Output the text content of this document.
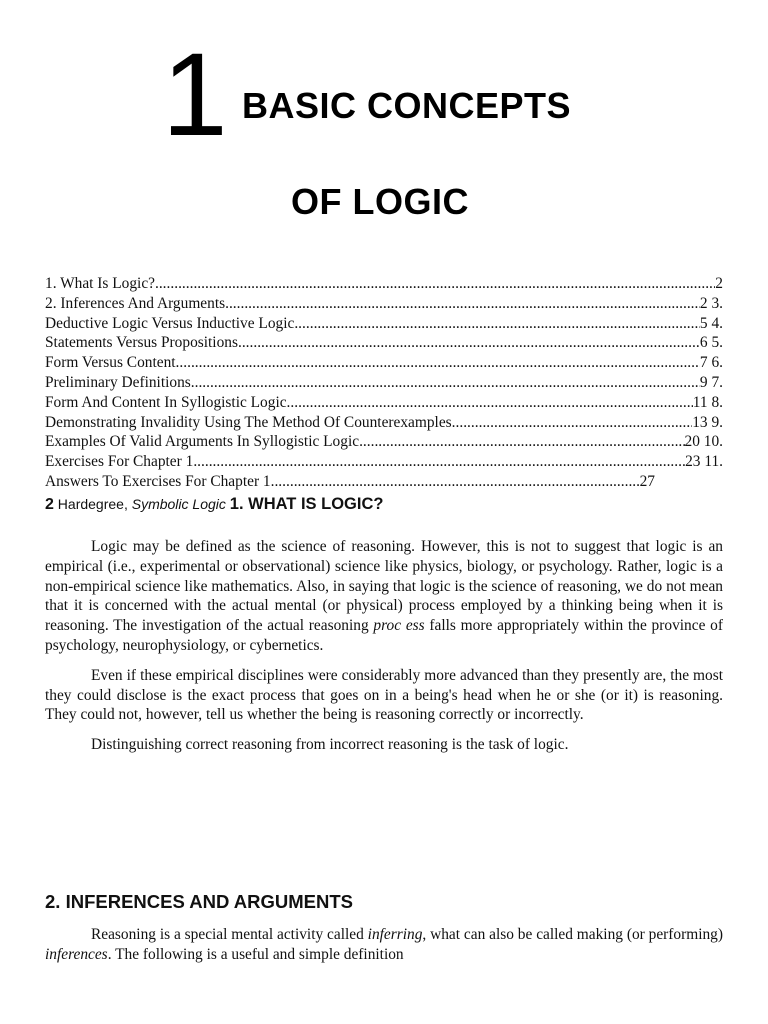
1 BASIC CONCEPTS
OF LOGIC
1. What Is Logic? .....	2
2. Inferences And Arguments .....	2 3.
Deductive Logic Versus Inductive Logic .....	5 4.
Statements Versus Propositions .....	6 5.
Form Versus Content .....	7 6.
Preliminary Definitions .....	9 7.
Form And Content In Syllogistic Logic .....	11 8.
Demonstrating Invalidity Using The Method Of Counterexamples .....	13 9.
Examples Of Valid Arguments In Syllogistic Logic .....	20 10.
Exercises For Chapter 1 .....	23 11.
Answers To Exercises For Chapter 1 .....	27
2 Hardegree, Symbolic Logic 1. WHAT IS LOGIC?

Logic may be defined as the science of reasoning. However, this is not to suggest that logic is an empirical (i.e., experimental or observational) science like physics, biology, or psychology. Rather, logic is a non-empirical science like mathematics. Also, in saying that logic is the science of reasoning, we do not mean that it is concerned with the actual mental (or physical) process employed by a thinking being when it is reasoning. The investigation of the actual reasoning proc ess falls more appropriately within the province of psychology, neurophysiology, or cybernetics.

Even if these empirical disciplines were considerably more advanced than they presently are, the most they could disclose is the exact process that goes on in a being's head when he or she (or it) is reasoning. They could not, however, tell us whether the being is reasoning correctly or incorrectly.

Distinguishing correct reasoning from incorrect reasoning is the task of logic.

2. INFERENCES AND ARGUMENTS

Reasoning is a special mental activity called inferring, what can also be called making (or performing) inferences. The following is a useful and simple definition
